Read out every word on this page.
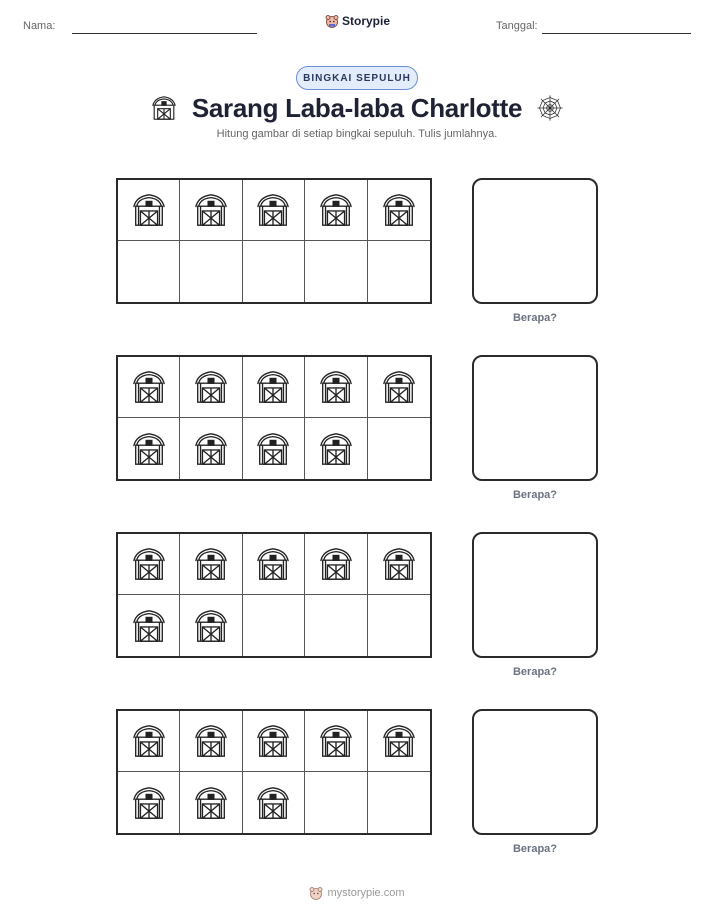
Nama:	Storypie	Tanggal:
BINGKAI SEPULUH
Sarang Laba-laba Charlotte
Hitung gambar di setiap bingkai sepuluh. Tulis jumlahnya.
Berapa?
Berapa?
Berapa?
Berapa?
mystorypie.com
